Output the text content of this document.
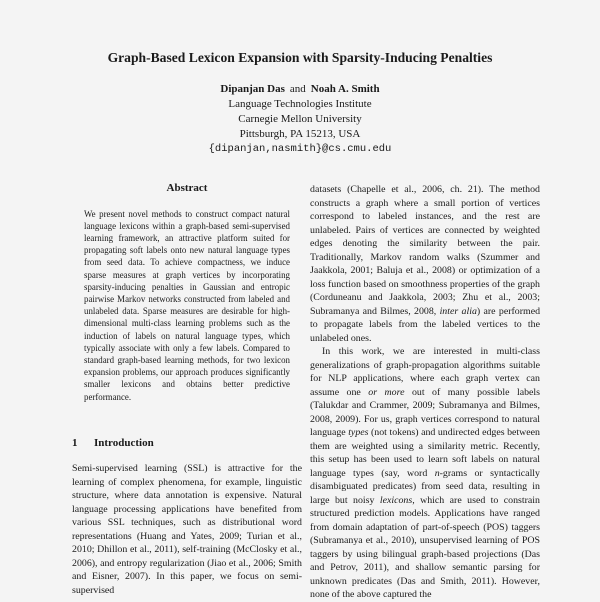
Graph-Based Lexicon Expansion with Sparsity-Inducing Penalties
Dipanjan Das and Noah A. Smith
Language Technologies Institute
Carnegie Mellon University
Pittsburgh, PA 15213, USA
{dipanjan,nasmith}@cs.cmu.edu
Abstract

We present novel methods to construct compact natural language lexicons within a graph-based semi-supervised learning framework, an attractive platform suited for propagating soft labels onto new natural language types from seed data. To achieve compactness, we induce sparse measures at graph vertices by incorporating sparsity-inducing penalties in Gaussian and entropic pairwise Markov networks constructed from labeled and unlabeled data. Sparse measures are desirable for high-dimensional multi-class learning problems such as the induction of labels on natural language types, which typically associate with only a few labels. Compared to standard graph-based learning methods, for two lexicon expansion problems, our approach produces significantly smaller lexicons and obtains better predictive performance.

1 Introduction

Semi-supervised learning (SSL) is attractive for the learning of complex phenomena, for example, linguistic structure, where data annotation is expensive. Natural language processing applications have benefited from various SSL techniques, such as distributional word representations (Huang and Yates, 2009; Turian et al., 2010; Dhillon et al., 2011), self-training (McClosky et al., 2006), and entropy regularization (Jiao et al., 2006; Smith and Eisner, 2007). In this paper, we focus on semi-supervised

datasets (Chapelle et al., 2006, ch. 21). The method constructs a graph where a small portion of vertices correspond to labeled instances, and the rest are unlabeled. Pairs of vertices are connected by weighted edges denoting the similarity between the pair. Traditionally, Markov random walks (Szummer and Jaakkola, 2001; Baluja et al., 2008) or optimization of a loss function based on smoothness properties of the graph (Corduneanu and Jaakkola, 2003; Zhu et al., 2003; Subramanya and Bilmes, 2008, inter alia) are performed to propagate labels from the labeled vertices to the unlabeled ones.

In this work, we are interested in multi-class generalizations of graph-propagation algorithms suitable for NLP applications, where each graph vertex can assume one or more out of many possible labels (Talukdar and Crammer, 2009; Subramanya and Bilmes, 2008, 2009). For us, graph vertices correspond to natural language types (not tokens) and undirected edges between them are weighted using a similarity metric. Recently, this setup has been used to learn soft labels on natural language types (say, word n-grams or syntactically disambiguated predicates) from seed data, resulting in large but noisy lexicons, which are used to constrain structured prediction models. Applications have ranged from domain adaptation of part-of-speech (POS) taggers (Subramanya et al., 2010), unsupervised learning of POS taggers by using bilingual graph-based projections (Das and Petrov, 2011), and shallow semantic parsing for unknown predicates (Das and Smith, 2011). However, none of the above captured the
